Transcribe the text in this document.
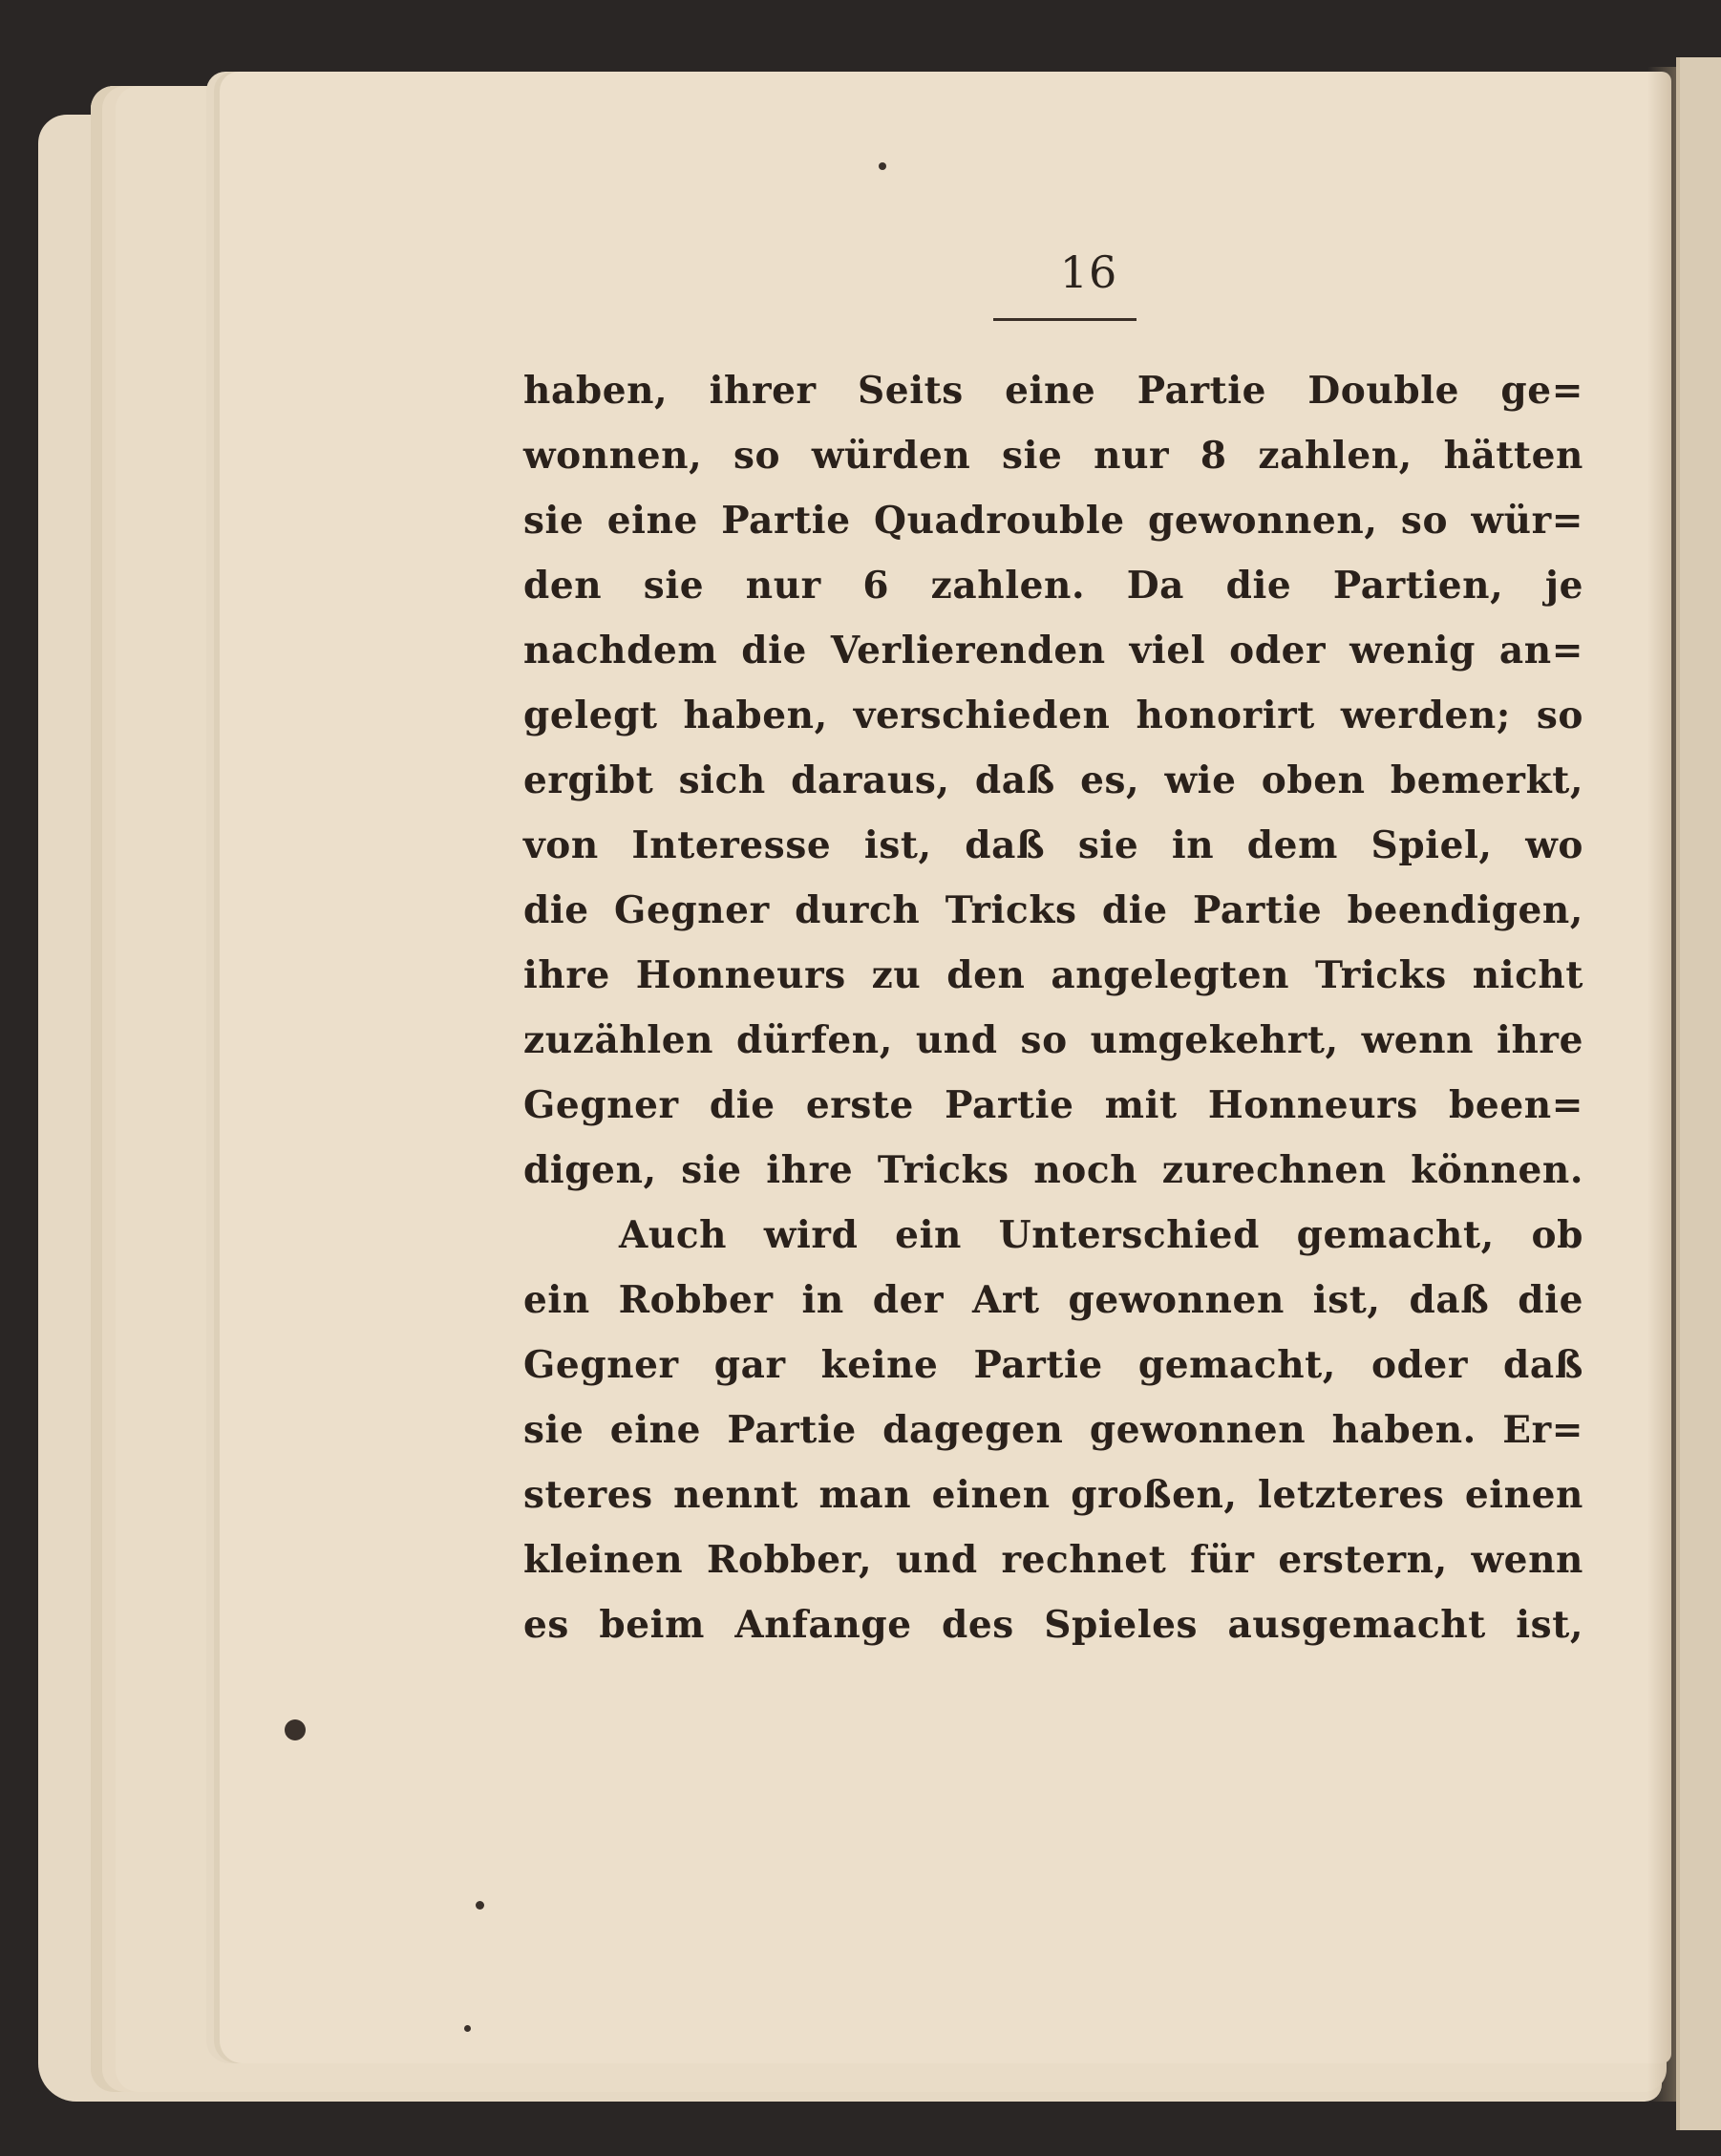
16
haben, ihrer Seits eine Partie Double ge=
wonnen, so würden sie nur 8 zahlen, hätten
sie eine Partie Quadrouble gewonnen, so wür=
den sie nur 6 zahlen. Da die Partien, je
nachdem die Verlierenden viel oder wenig an=
gelegt haben, verschieden honorirt werden; so
ergibt sich daraus, daß es, wie oben bemerkt,
von Interesse ist, daß sie in dem Spiel, wo
die Gegner durch Tricks die Partie beendigen,
ihre Honneurs zu den angelegten Tricks nicht
zuzählen dürfen, und so umgekehrt, wenn ihre
Gegner die erste Partie mit Honneurs been=
digen, sie ihre Tricks noch zurechnen können.
Auch wird ein Unterschied gemacht, ob
ein Robber in der Art gewonnen ist, daß die
Gegner gar keine Partie gemacht, oder daß
sie eine Partie dagegen gewonnen haben. Er=
steres nennt man einen großen, letzteres einen
kleinen Robber, und rechnet für erstern, wenn
es beim Anfange des Spieles ausgemacht ist,
